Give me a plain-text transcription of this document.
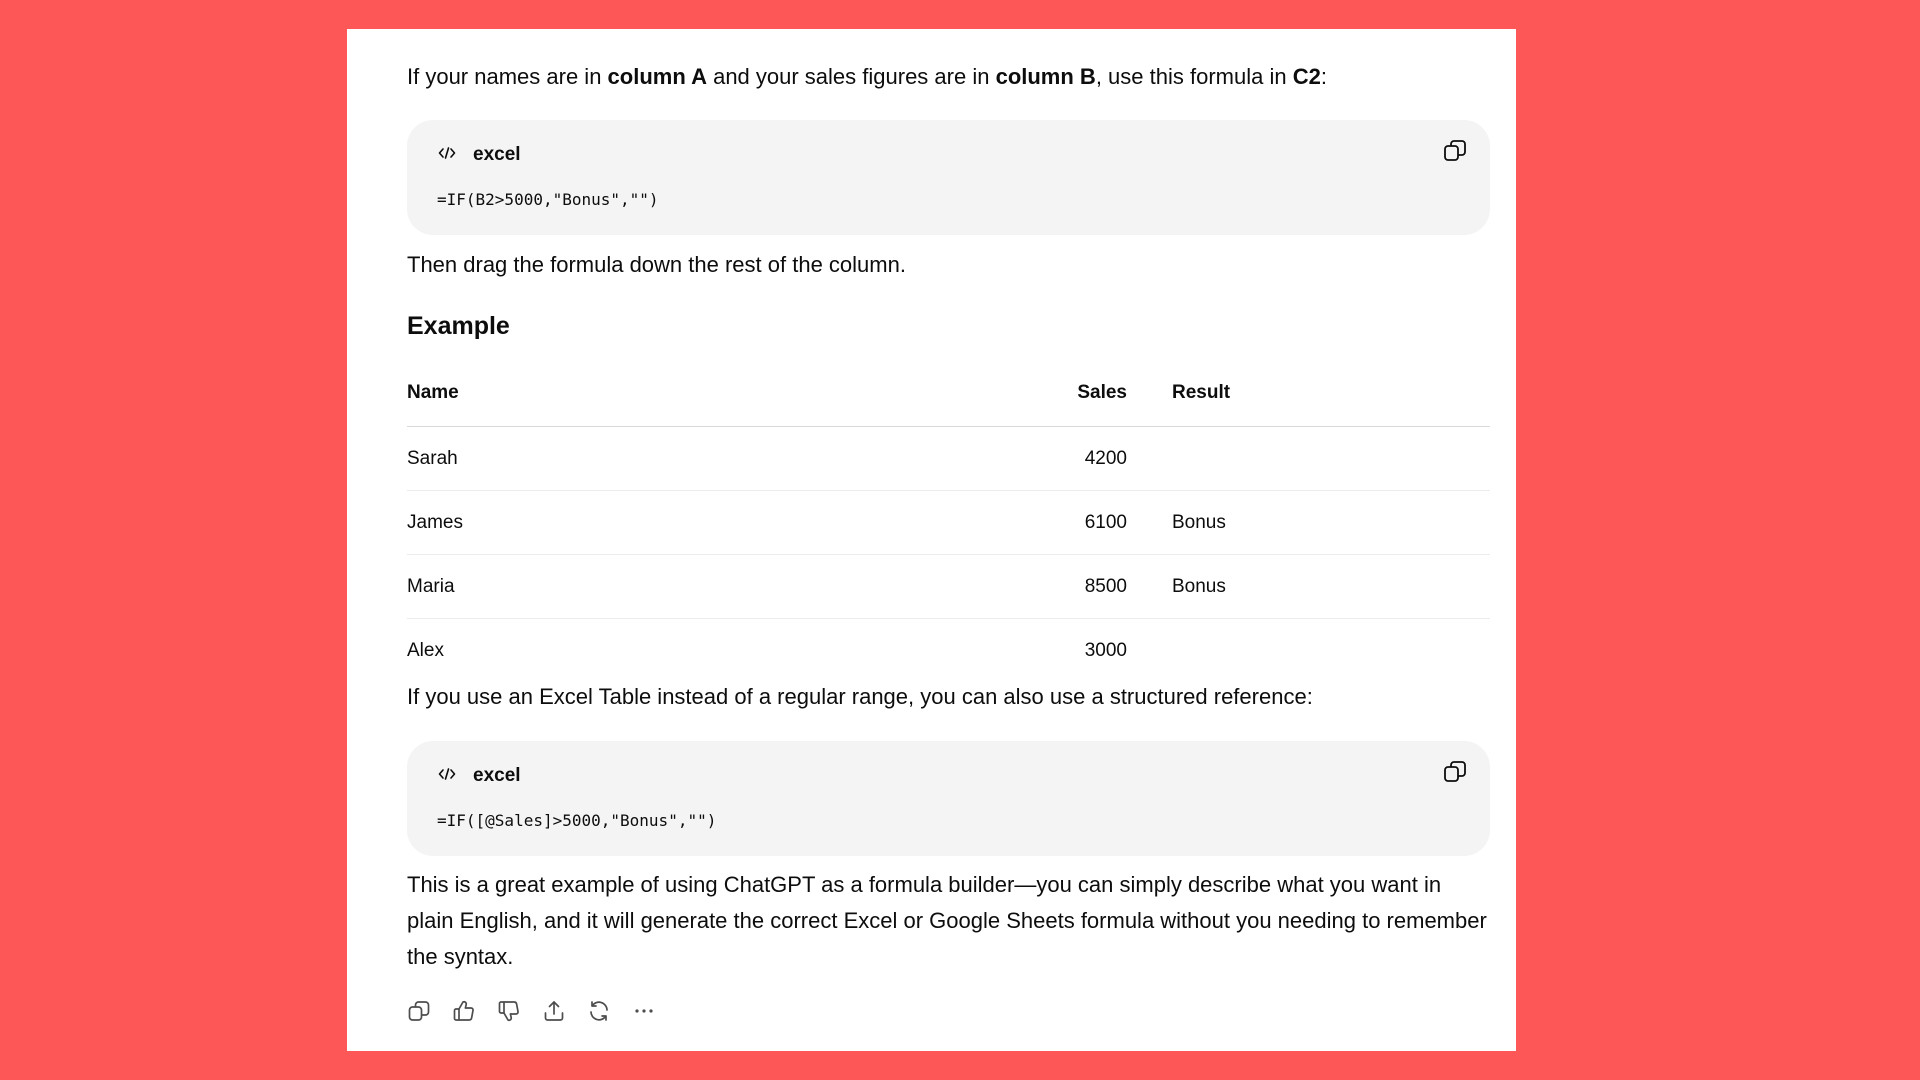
If your names are in column A and your sales figures are in column B, use this formula in C2:

excel
=IF(B2>5000,"Bonus","")

Then drag the formula down the rest of the column.

Example

Name	Sales	Result
Sarah	4200	
James	6100	Bonus
Maria	8500	Bonus
Alex	3000	

If you use an Excel Table instead of a regular range, you can also use a structured reference:

excel
=IF([@Sales]>5000,"Bonus","")

This is a great example of using ChatGPT as a formula builder—you can simply describe what you want in plain English, and it will generate the correct Excel or Google Sheets formula without you needing to remember the syntax.
